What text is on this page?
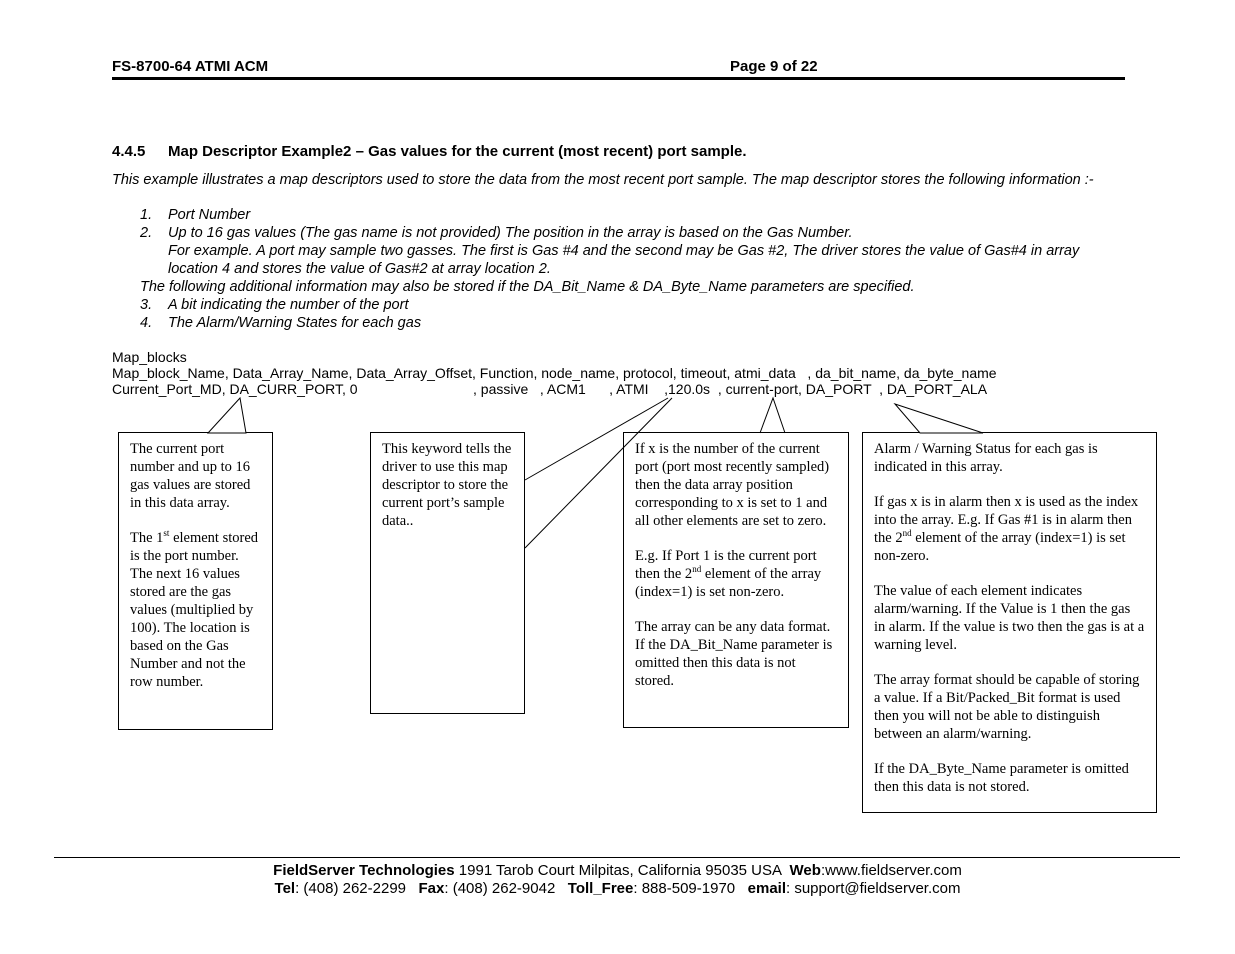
FS-8700-64 ATMI ACM	Page 9 of 22
4.4.5 Map Descriptor Example2 – Gas values for the current (most recent) port sample.
This example illustrates a map descriptors used to store the data from the most recent port sample. The map descriptor stores the following information :-
1. Port Number
2. Up to 16 gas values (The gas name is not provided) The position in the array is based on the Gas Number.
For example. A port may sample two gasses. The first is Gas #4 and the second may be Gas #2, The driver stores the value of Gas#4 in array location 4 and stores the value of Gas#2 at array location 2.
The following additional information may also be stored if the DA_Bit_Name & DA_Byte_Name parameters are specified.
3. A bit indicating the number of the port
4. The Alarm/Warning States for each gas
Map_blocks
Map_block_Name, Data_Array_Name, Data_Array_Offset, Function, node_name, protocol, timeout, atmi_data   , da_bit_name, da_byte_name
Current_Port_MD, DA_CURR_PORT, 0	, passive   , ACM1      , ATMI    ,120.0s  , current-port, DA_PORT  , DA_PORT_ALA

The current port number and up to 16 gas values are stored in this data array.

The 1st element stored is the port number. The next 16 values stored are the gas values (multiplied by 100). The location is based on the Gas Number and not the row number.

This keyword tells the driver to use this map descriptor to store the current port’s sample data..

If x is the number of the current port (port most recently sampled) then the data array position corresponding to x is set to 1 and all other elements are set to zero.

E.g. If Port 1 is the current port then the 2nd element of the array (index=1) is set non-zero.

The array can be any data format.
If the DA_Bit_Name parameter is omitted then this data is not stored.

Alarm / Warning Status for each gas is indicated in this array.

If gas x is in alarm then x is used as the index into the array. E.g. If Gas #1 is in alarm then the 2nd element of the array (index=1) is set non-zero.

The value of each element indicates alarm/warning. If the Value is 1 then the gas in alarm. If the value is two then the gas is at a warning level.

The array format should be capable of storing a value. If a Bit/Packed_Bit format is used then you will not be able to distinguish between an alarm/warning.

If the DA_Byte_Name parameter is omitted then this data is not stored.

FieldServer Technologies 1991 Tarob Court Milpitas, California 95035 USA  Web:www.fieldserver.com
Tel: (408) 262-2299   Fax: (408) 262-9042   Toll_Free: 888-509-1970   email: support@fieldserver.com
